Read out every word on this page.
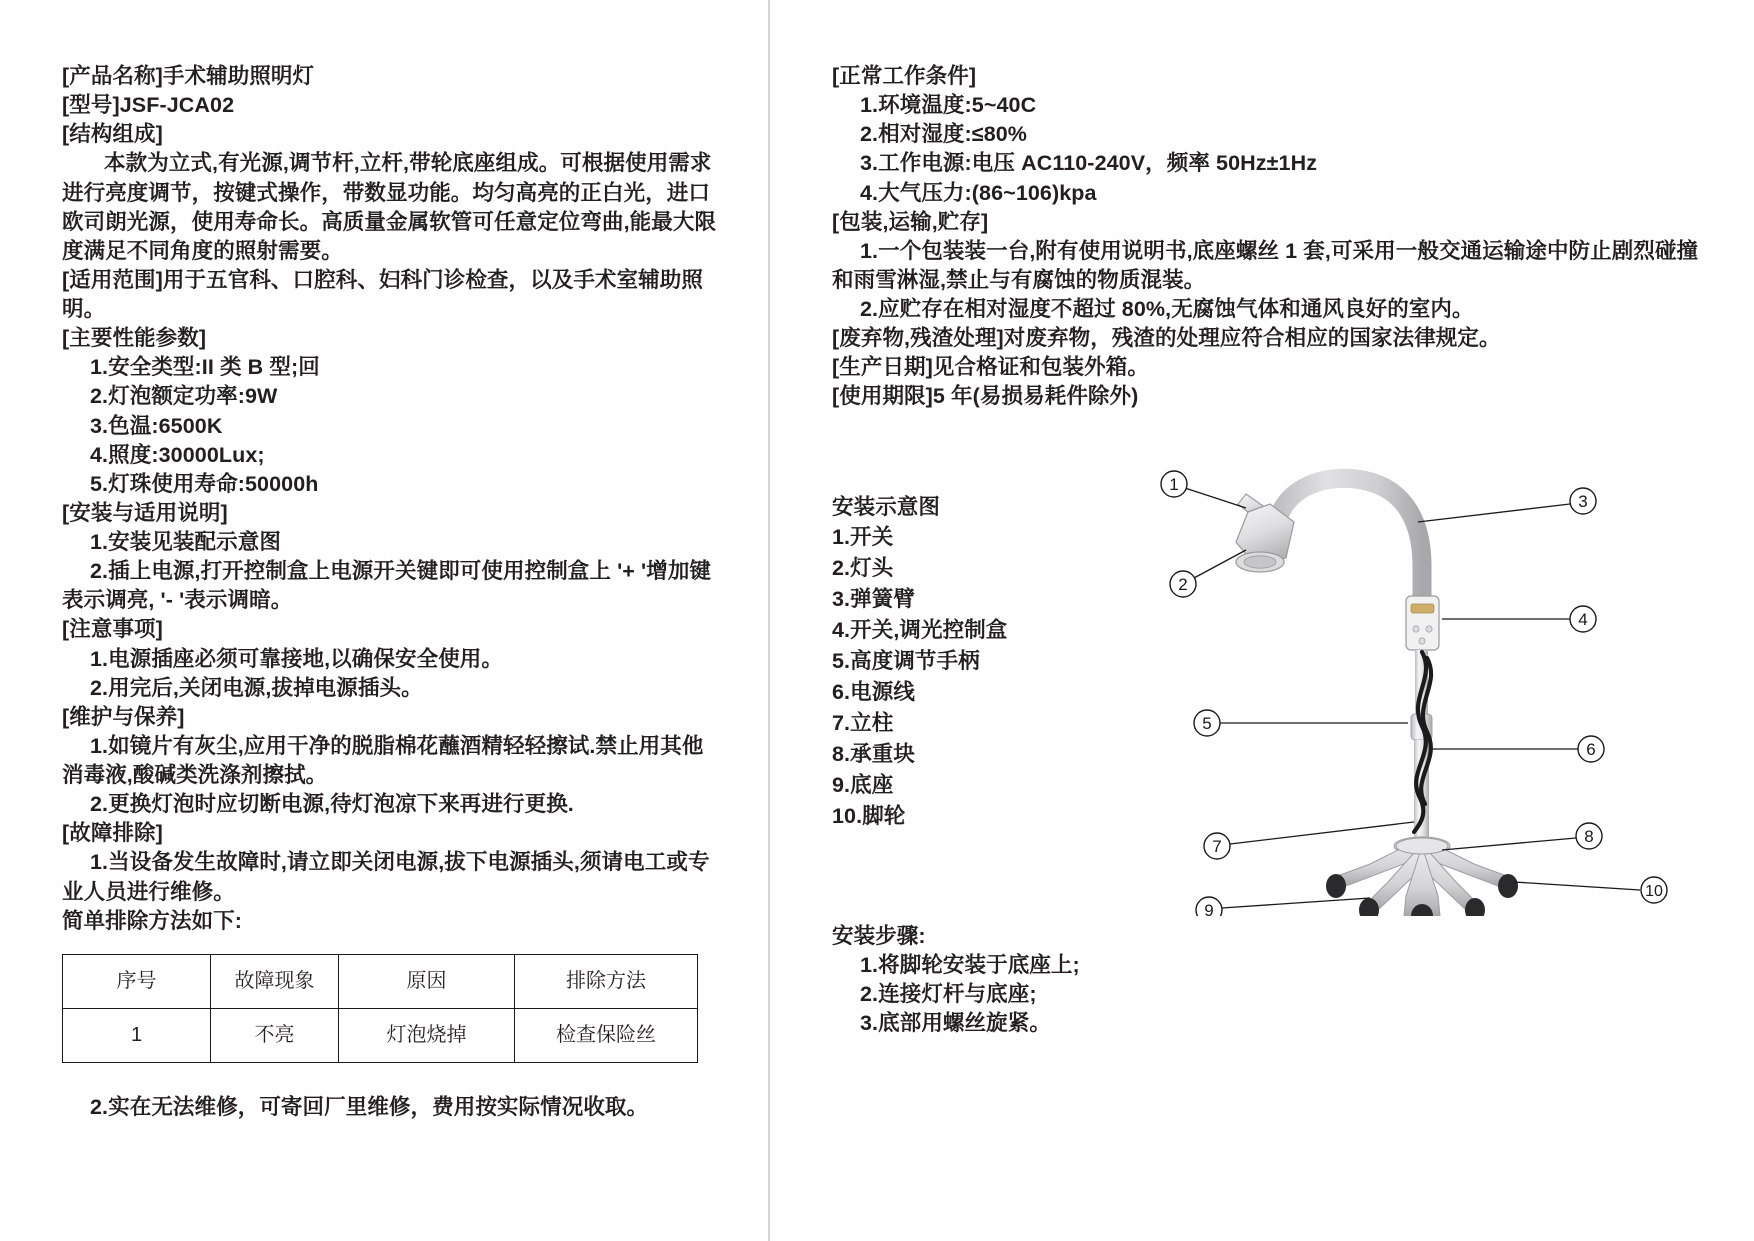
[产品名称]手术辅助照明灯
[型号]JSF-JCA02
[结构组成]
本款为立式,有光源,调节杆,立杆,带轮底座组成。可根据使用需求进行亮度调节，按键式操作，带数显功能。均匀高亮的正白光，进口欧司朗光源，使用寿命长。高质量金属软管可任意定位弯曲,能最大限度满足不同角度的照射需要。
[适用范围]用于五官科、口腔科、妇科门诊检查，以及手术室辅助照明。
[主要性能参数]
1.安全类型:II 类 B 型;回
2.灯泡额定功率:9W
3.色温:6500K
4.照度:30000Lux;
5.灯珠使用寿命:50000h
[安装与适用说明]
1.安装见装配示意图
2.插上电源,打开控制盒上电源开关键即可使用控制盒上 '+ '增加键表示调亮, '- '表示调暗。
[注意事项]
1.电源插座必须可靠接地,以确保安全使用。
2.用完后,关闭电源,拔掉电源插头。
[维护与保养]
1.如镜片有灰尘,应用干净的脱脂棉花蘸酒精轻轻擦试.禁止用其他消毒液,酸碱类洗涤剂擦拭。
2.更换灯泡时应切断电源,待灯泡凉下来再进行更换.
[故障排除]
1.当设备发生故障时,请立即关闭电源,拔下电源插头,须请电工或专业人员进行维修。
简单排除方法如下:
序号	故障现象	原因	排除方法
1	不亮	灯泡烧掉	检查保险丝
2.实在无法维修，可寄回厂里维修，费用按实际情况收取。
[正常工作条件]
1.环境温度:5~40C
2.相对湿度:≤80%
3.工作电源:电压 AC110-240V，频率 50Hz±1Hz
4.大气压力:(86~106)kpa
[包装,运输,贮存]
1.一个包装装一台,附有使用说明书,底座螺丝 1 套,可采用一般交通运输途中防止剧烈碰撞和雨雪淋湿,禁止与有腐蚀的物质混装。
2.应贮存在相对湿度不超过 80%,无腐蚀气体和通风良好的室内。
[废弃物,残渣处理]对废弃物，残渣的处理应符合相应的国家法律规定。
[生产日期]见合格证和包装外箱。
[使用期限]5 年(易损易耗件除外)
安装示意图
1.开关
2.灯头
3.弹簧臂
4.开关,调光控制盒
5.高度调节手柄
6.电源线
7.立柱
8.承重块
9.底座
10.脚轮
1
2
3
4
5
6
7
8
9
10
安装步骤:
1.将脚轮安装于底座上;
2.连接灯杆与底座;
3.底部用螺丝旋紧。
